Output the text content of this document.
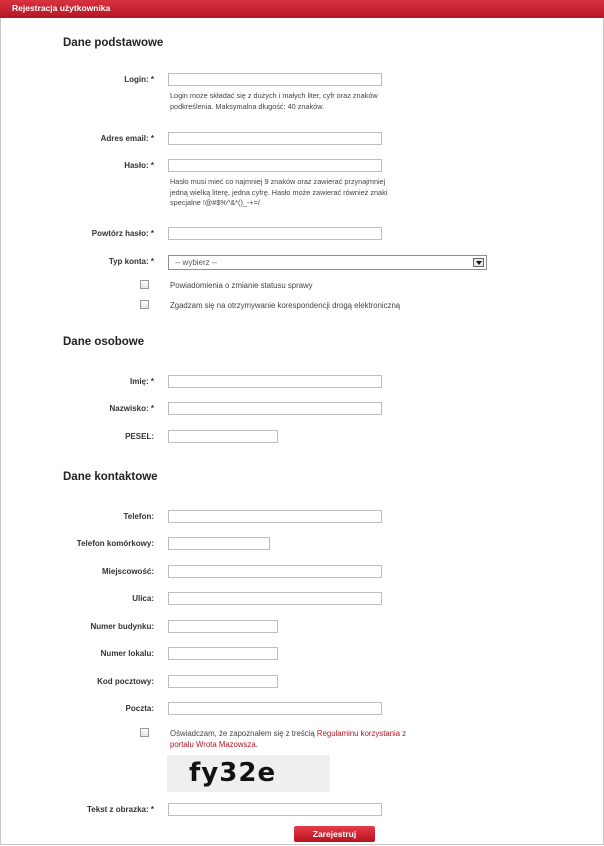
Rejestracja użytkownika
Dane podstawowe
Login: *
Login może składać się z dużych i małych liter, cyfr oraz znaków podkreślenia. Maksymalna długość: 40 znaków.
Adres email: *
Hasło: *
Hasło musi mieć co najmniej 9 znaków oraz zawierać przynajmniej jedną wielką literę, jedna cyfrę. Hasło może zawierać również znaki specjalne !@#$%^&*()_-+=/
Powtórz hasło: *
Typ konta: *	-- wybierz --
Powiadomienia o zmianie statusu sprawy
Zgadzam się na otrzymywanie korespondencji drogą elektroniczną
Dane osobowe
Imię: *
Nazwisko: *
PESEL:
Dane kontaktowe
Telefon:
Telefon komórkowy:
Miejscowość:
Ulica:
Numer budynku:
Numer lokalu:
Kod pocztowy:
Poczta:
Oświadczam, że zapoznałem się z treścią Regulaminu korzystania z
portalu Wrota Mazowsza.
fy32e
Tekst z obrazka: *
Zarejestruj
